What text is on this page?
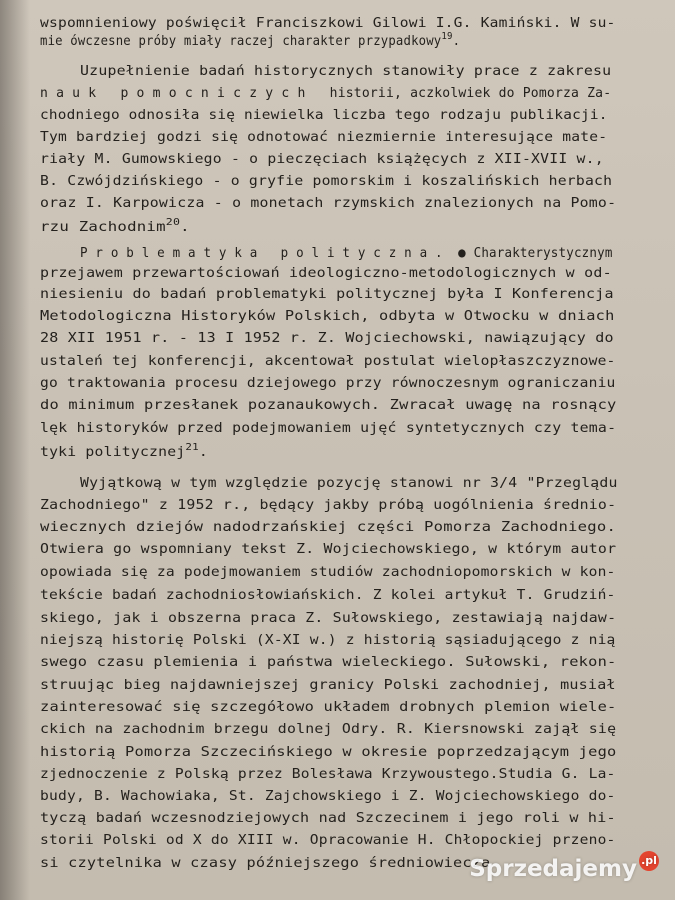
wspomnieniowy poświęcił Franciszkowi Gilowi I.G. Kamiński. W su-
mie ówczesne próby miały raczej charakter przypadkowy$^{19}$.
Uzupełnienie badań historycznych stanowiły prace z zakresu
n a u k   p o m o c n i c z y c h   historii, aczkolwiek do Pomorza Za-
chodniego odnosiła się niewielka liczba tego rodzaju publikacji.
Tym bardziej godzi się odnotować niezmiernie interesujące mate-
riały M. Gumowskiego - o pieczęciach książęcych z XII-XVII w.,
B. Czwójdzińskiego - o gryfie pomorskim i koszalińskich herbach
oraz I. Karpowicza - o monetach rzymskich znalezionych na Pomo-
rzu Zachodnim$^{20}$.
P r o b l e m a t y k a   p o l i t y c z n a .  ● Charakterystycznym
przejawem przewartościowań ideologiczno-metodologicznych w od-
niesieniu do badań problematyki politycznej była I Konferencja
Metodologiczna Historyków Polskich, odbyta w Otwocku w dniach
28 XII 1951 r. - 13 I 1952 r. Z. Wojciechowski, nawiązujący do
ustaleń tej konferencji, akcentował postulat wielopłaszczyznowe-
go traktowania procesu dziejowego przy równoczesnym ograniczaniu
do minimum przesłanek pozanaukowych. Zwracał uwagę na rosnący
lęk historyków przed podejmowaniem ujęć syntetycznych czy tema-
tyki politycznej$^{21}$.
Wyjątkową w tym względzie pozycję stanowi nr 3/4 "Przeglądu
Zachodniego" z 1952 r., będący jakby próbą uogólnienia średnio-
wiecznych dziejów nadodrzańskiej części Pomorza Zachodniego.
Otwiera go wspomniany tekst Z. Wojciechowskiego, w którym autor
opowiada się za podejmowaniem studiów zachodniopomorskich w kon-
tekście badań zachodniosłowiańskich. Z kolei artykuł T. Grudziń-
skiego, jak i obszerna praca Z. Sułowskiego, zestawiają najdaw-
niejszą historię Polski (X-XI w.) z historią sąsiadującego z nią
swego czasu plemienia i państwa wieleckiego. Sułowski, rekon-
struując bieg najdawniejszej granicy Polski zachodniej, musiał
zainteresować się szczegółowo układem drobnych plemion wiele-
ckich na zachodnim brzegu dolnej Odry. R. Kiersnowski zajął się
historią Pomorza Szczecińskiego w okresie poprzedzającym jego
zjednoczenie z Polską przez Bolesława Krzywoustego.Studia G. La-
budy, B. Wachowiaka, St. Zajchowskiego i Z. Wojciechowskiego do-
tyczą badań wczesnodziejowych nad Szczecinem i jego roli w hi-
storii Polski od X do XIII w. Opracowanie H. Chłopockiej przeno-
si czytelnika w czasy późniejszego średniowiecza
Sprzedajemy .pl
